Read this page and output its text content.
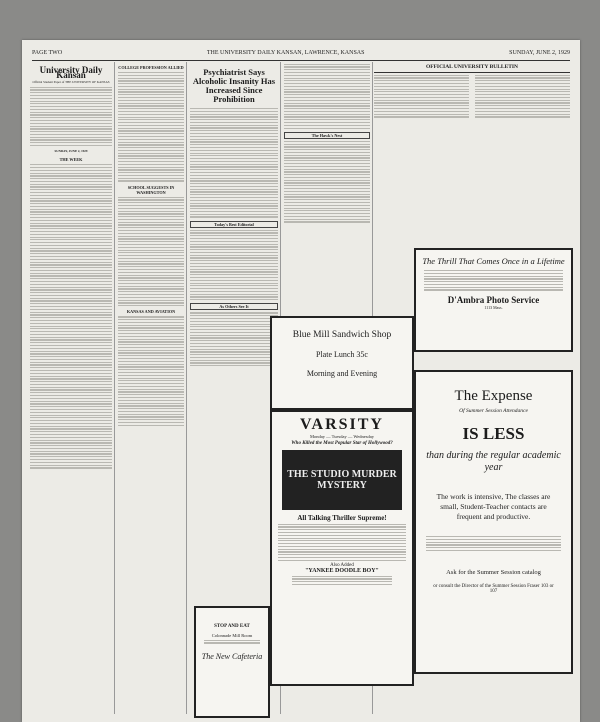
PAGE TWO	THE UNIVERSITY DAILY KANSAN, LAWRENCE, KANSAS	SUNDAY, JUNE 2, 1929
University Daily Kansan
Official Student Paper of THE UNIVERSITY OF KANSAS
SUNDAY, JUNE 2, 1929
THE WEEK
COLLEGE PROFESSION ALLIED
SCHOOL SUGGESTS IN WASHINGTON
KANSAS AND AVIATION
Psychiatrist Says Alcoholic Insanity Has Increased Since Prohibition
Today's Best Editorial
As Others See It
The Hawk's Nest
OFFICIAL UNIVERSITY BULLETIN
The Thrill That Comes Once in a Lifetime
D'Ambra Photo Service
1113 Mass.
Blue Mill Sandwich Shop
Plate Lunch 35c
Morning and Evening
The Expense
Of Summer Session Attendance
IS LESS
than during the regular academic year
The work is intensive, The classes are small, Student-Teacher contacts are frequent and productive.
Ask for the Summer Session catalog
or consult the Director of the Summer Session Fraser 103 or 107
VARSITY
Monday — Tuesday — Wednesday
Who Killed the Most Popular Star of Hollywood?
THE STUDIO MURDER MYSTERY
All Talking Thriller Supreme!
Also Added
"YANKEE DOODLE BOY"
STOP AND EAT
Colonnade Mill Room
The New Cafeteria
